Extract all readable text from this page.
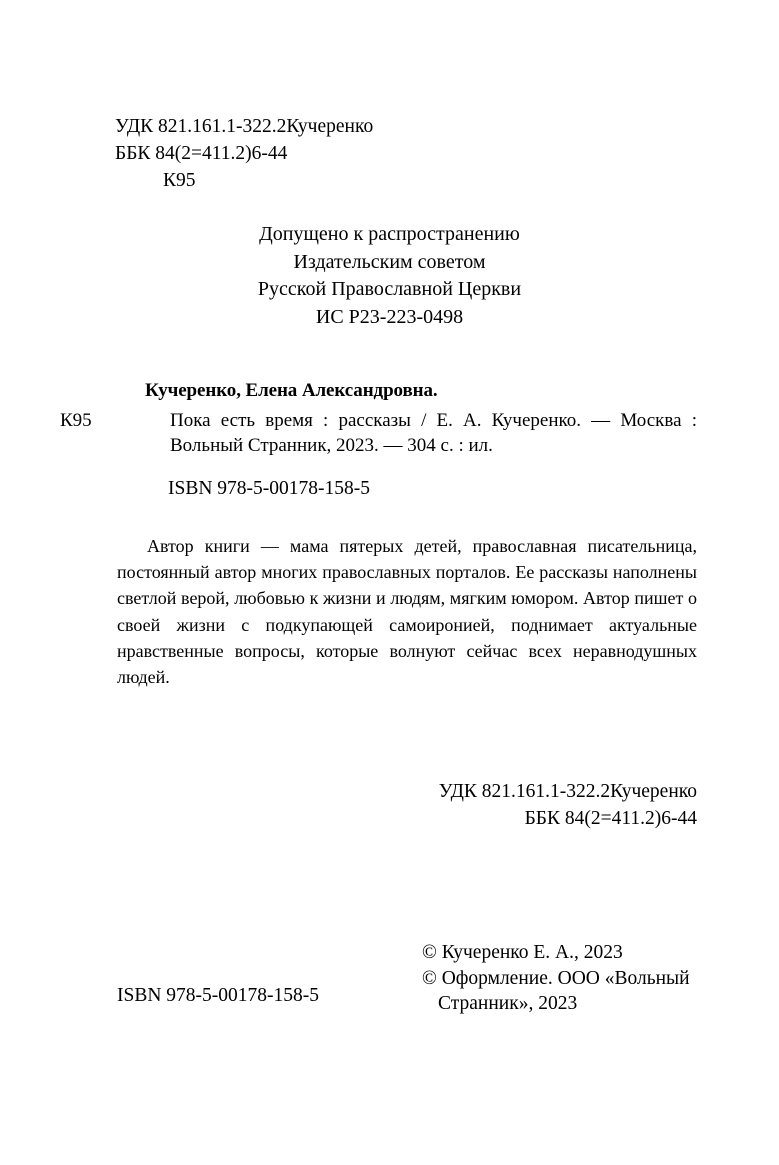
УДК 821.161.1-322.2Кучеренко
ББК 84(2=411.2)6-44
К95
Допущено к распространению
Издательским советом
Русской Православной Церкви
ИС Р23-223-0498
Кучеренко, Елена Александровна.
К95	Пока есть время : рассказы / Е. А. Кучеренко. — Москва : Вольный Странник, 2023. — 304 с. : ил.
ISBN 978-5-00178-158-5
Автор книги — мама пятерых детей, православная писательница, постоянный автор многих православных порталов. Ее рассказы наполнены светлой верой, любовью к жизни и людям, мягким юмором. Автор пишет о своей жизни с подкупающей самоиронией, поднимает актуальные нравственные вопросы, которые волнуют сейчас всех неравнодушных людей.
УДК 821.161.1-322.2Кучеренко
ББК 84(2=411.2)6-44
© Кучеренко Е. А., 2023
© Оформление. ООО «Вольный Странник», 2023
ISBN 978-5-00178-158-5
